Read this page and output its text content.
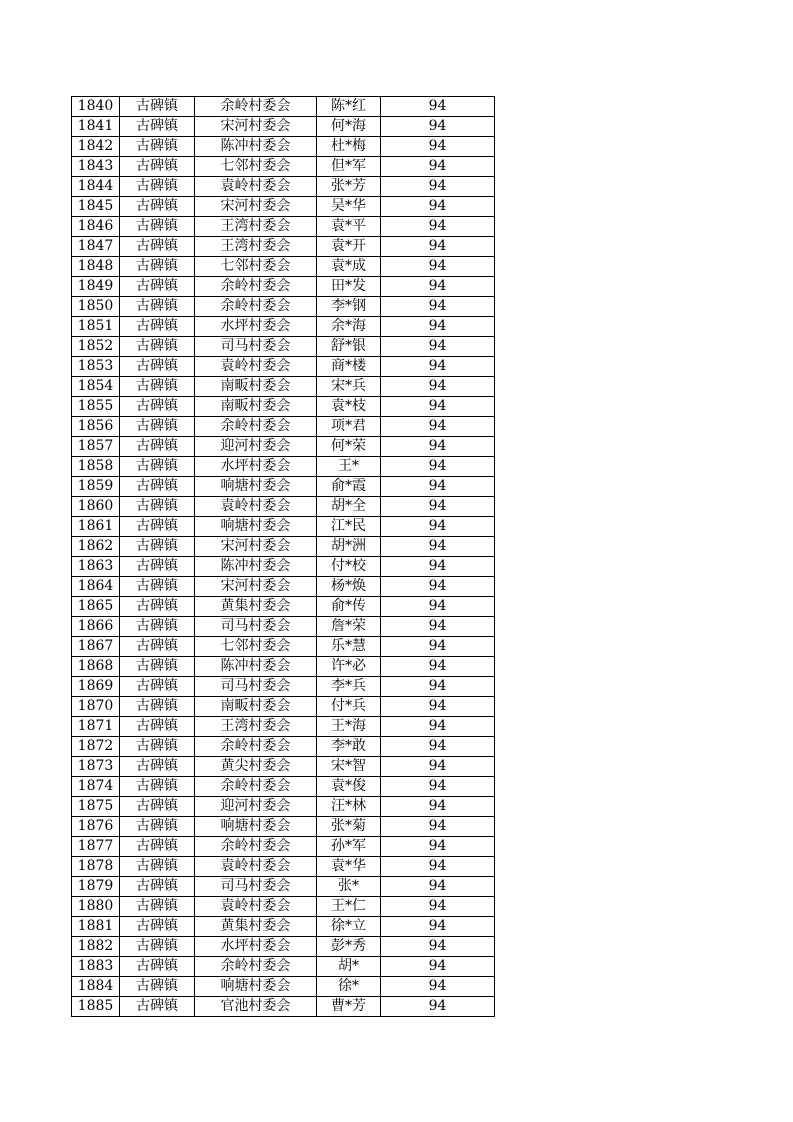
1840	古碑镇	余岭村委会	陈*红	94
1841	古碑镇	宋河村委会	何*海	94
1842	古碑镇	陈冲村委会	杜*梅	94
1843	古碑镇	七邻村委会	但*军	94
1844	古碑镇	袁岭村委会	张*芳	94
1845	古碑镇	宋河村委会	吴*华	94
1846	古碑镇	王湾村委会	袁*平	94
1847	古碑镇	王湾村委会	袁*开	94
1848	古碑镇	七邻村委会	袁*成	94
1849	古碑镇	余岭村委会	田*发	94
1850	古碑镇	余岭村委会	李*钢	94
1851	古碑镇	水坪村委会	余*海	94
1852	古碑镇	司马村委会	舒*银	94
1853	古碑镇	袁岭村委会	商*楼	94
1854	古碑镇	南畈村委会	宋*兵	94
1855	古碑镇	南畈村委会	袁*枝	94
1856	古碑镇	余岭村委会	项*君	94
1857	古碑镇	迎河村委会	何*荣	94
1858	古碑镇	水坪村委会	王*	94
1859	古碑镇	响塘村委会	俞*霞	94
1860	古碑镇	袁岭村委会	胡*全	94
1861	古碑镇	响塘村委会	江*民	94
1862	古碑镇	宋河村委会	胡*洲	94
1863	古碑镇	陈冲村委会	付*校	94
1864	古碑镇	宋河村委会	杨*焕	94
1865	古碑镇	黄集村委会	俞*传	94
1866	古碑镇	司马村委会	詹*荣	94
1867	古碑镇	七邻村委会	乐*慧	94
1868	古碑镇	陈冲村委会	许*必	94
1869	古碑镇	司马村委会	李*兵	94
1870	古碑镇	南畈村委会	付*兵	94
1871	古碑镇	王湾村委会	王*海	94
1872	古碑镇	余岭村委会	李*敢	94
1873	古碑镇	黄尖村委会	宋*智	94
1874	古碑镇	余岭村委会	袁*俊	94
1875	古碑镇	迎河村委会	汪*林	94
1876	古碑镇	响塘村委会	张*菊	94
1877	古碑镇	余岭村委会	孙*军	94
1878	古碑镇	袁岭村委会	袁*华	94
1879	古碑镇	司马村委会	张*	94
1880	古碑镇	袁岭村委会	王*仁	94
1881	古碑镇	黄集村委会	徐*立	94
1882	古碑镇	水坪村委会	彭*秀	94
1883	古碑镇	余岭村委会	胡*	94
1884	古碑镇	响塘村委会	徐*	94
1885	古碑镇	官池村委会	曹*芳	94
